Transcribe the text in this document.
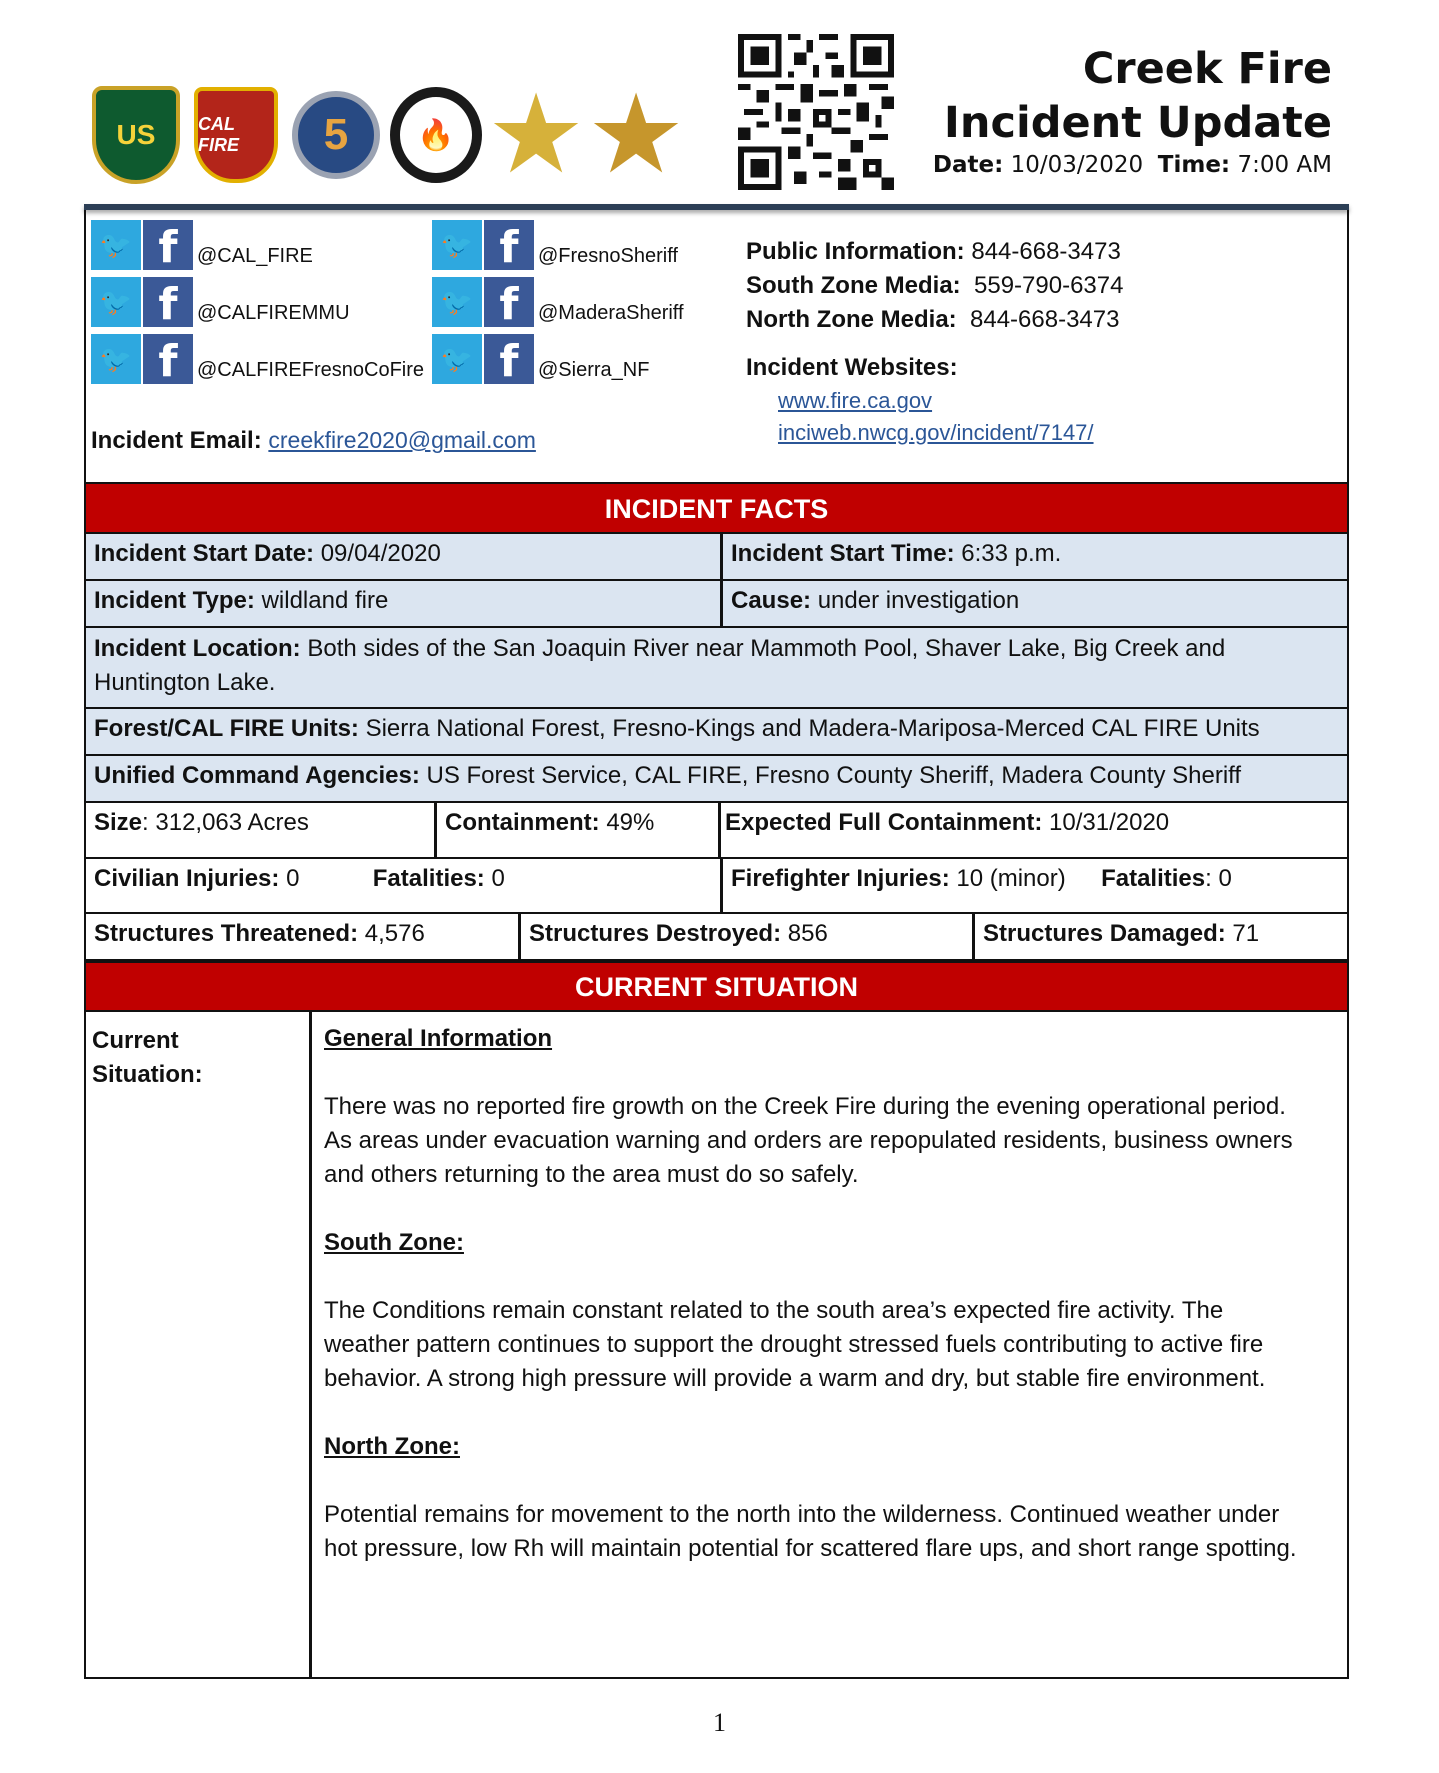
US CAL FIRE	5 🔥 ★ ★
Creek Fire
Incident Update
Date: 10/03/2020 Time: 7:00 AM
🐦 f @CAL_FIRE
🐦 f @CALFIREMMU
🐦 f @CALFIREFresnoCoFire
🐦 f @FresnoSheriff
🐦 f @MaderaSheriff
🐦 f @Sierra_NF
Public Information: 844-668-3473
South Zone Media: 559-790-6374
North Zone Media: 844-668-3473
Incident Websites:
www.fire.ca.gov
inciweb.nwcg.gov/incident/7147/
Incident Email: creekfire2020@gmail.com
INCIDENT FACTS
Incident Start Date: 09/04/2020	Incident Start Time: 6:33 p.m.
Incident Type: wildland fire	Cause: under investigation
Incident Location: Both sides of the San Joaquin River near Mammoth Pool, Shaver Lake, Big Creek and Huntington Lake.
Forest/CAL FIRE Units: Sierra National Forest, Fresno-Kings and Madera-Mariposa-Merced CAL FIRE Units
Unified Command Agencies: US Forest Service, CAL FIRE, Fresno County Sheriff, Madera County Sheriff
Size: 312,063 Acres	Containment: 49%	Expected Full Containment: 10/31/2020
Civilian Injuries: 0	Fatalities: 0	Firefighter Injuries: 10 (minor) Fatalities: 0
Structures Threatened: 4,576	Structures Destroyed: 856	Structures Damaged: 71
CURRENT SITUATION
Current
Situation:
General Information

There was no reported fire growth on the Creek Fire during the evening operational period. As areas under evacuation warning and orders are repopulated residents, business owners and others returning to the area must do so safely.

South Zone:

The Conditions remain constant related to the south area’s expected fire activity. The weather pattern continues to support the drought stressed fuels contributing to active fire behavior. A strong high pressure will provide a warm and dry, but stable fire environment.

North Zone:

Potential remains for movement to the north into the wilderness. Continued weather under hot pressure, low Rh will maintain potential for scattered flare ups, and short range spotting.

1
